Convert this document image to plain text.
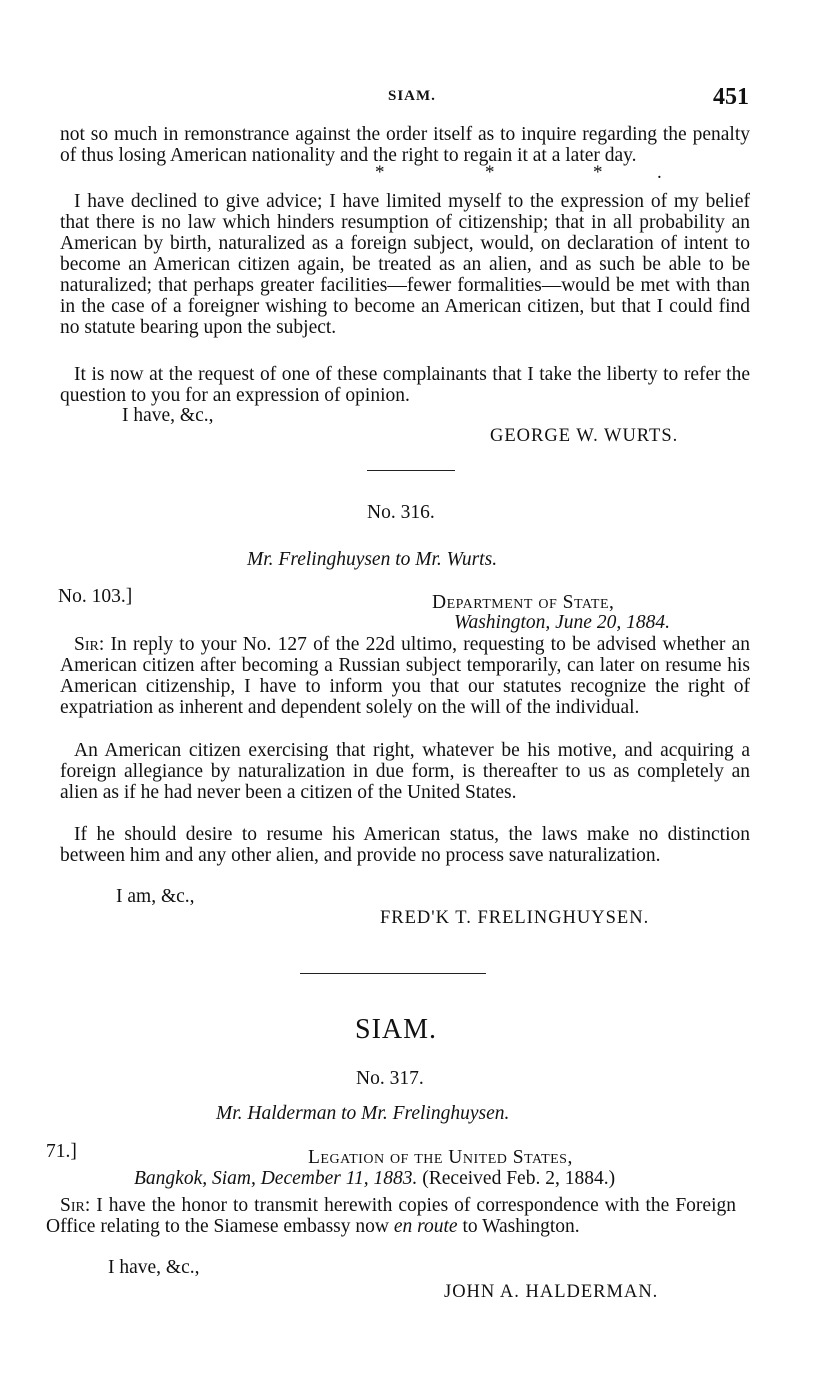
SIAM.	451

not so much in remonstrance against the order itself as to inquire regarding the penalty of thus losing American nationality and the right to regain it at a later day.

*	*	*	.

I have declined to give advice; I have limited myself to the expression of my belief that there is no law which hinders resumption of citizenship; that in all probability an American by birth, naturalized as a foreign subject, would, on declaration of intent to become an American citizen again, be treated as an alien, and as such be able to be naturalized; that perhaps greater facilities—fewer formalities—would be met with than in the case of a foreigner wishing to become an American citizen, but that I could find no statute bearing upon the subject.

It is now at the request of one of these complainants that I take the liberty to refer the question to you for an expression of opinion.

I have, &c.,
GEORGE W. WURTS.
No. 316.
Mr. Frelinghuysen to Mr. Wurts.
No. 103.]	Department of State,
Washington, June 20, 1884.

Sir: In reply to your No. 127 of the 22d ultimo, requesting to be advised whether an American citizen after becoming a Russian subject temporarily, can later on resume his American citizenship, I have to inform you that our statutes recognize the right of expatriation as inherent and dependent solely on the will of the individual.

An American citizen exercising that right, whatever be his motive, and acquiring a foreign allegiance by naturalization in due form, is thereafter to us as completely an alien as if he had never been a citizen of the United States.

If he should desire to resume his American status, the laws make no distinction between him and any other alien, and provide no process save naturalization.

I am, &c.,
FRED'K T. FRELINGHUYSEN.
SIAM.
No. 317.
Mr. Halderman to Mr. Frelinghuysen.
71.]	Legation of the United States,
Bangkok, Siam, December 11, 1883. (Received Feb. 2, 1884.)

Sir: I have the honor to transmit herewith copies of correspondence with the Foreign Office relating to the Siamese embassy now en route to Washington.

I have, &c.,
JOHN A. HALDERMAN.
